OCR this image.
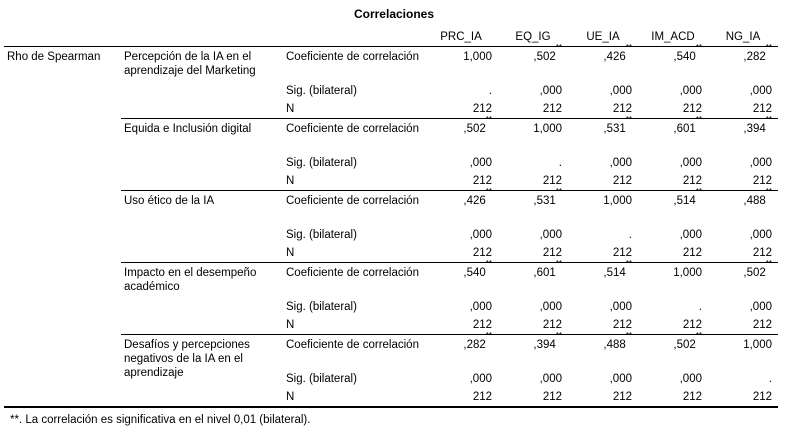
Correlaciones
			PRC_IA	EQ_IG	UE_IA	IM_ACD	NG_IA
Rho de Spearman	Percepción de la IA en el aprendizaje del Marketing	Coeficiente de correlación	1,000	,502**	,426**	,540**	,282**
		Sig. (bilateral)	.	,000	,000	,000	,000
		N	212	212	212	212	212
	Equida e Inclusión digital	Coeficiente de correlación	,502**	1,000	,531**	,601**	,394**
		Sig. (bilateral)	,000	.	,000	,000	,000
		N	212	212	212	212	212
	Uso ético de la IA	Coeficiente de correlación	,426**	,531**	1,000	,514**	,488**
		Sig. (bilateral)	,000	,000	.	,000	,000
		N	212	212	212	212	212
	Impacto en el desempeño académico	Coeficiente de correlación	,540**	,601**	,514**	1,000	,502**
		Sig. (bilateral)	,000	,000	,000	.	,000
		N	212	212	212	212	212
	Desafíos y percepciones negativos de la IA en el aprendizaje	Coeficiente de correlación	,282**	,394**	,488**	,502**	1,000
		Sig. (bilateral)	,000	,000	,000	,000	.
		N	212	212	212	212	212
**. La correlación es significativa en el nivel 0,01 (bilateral).
